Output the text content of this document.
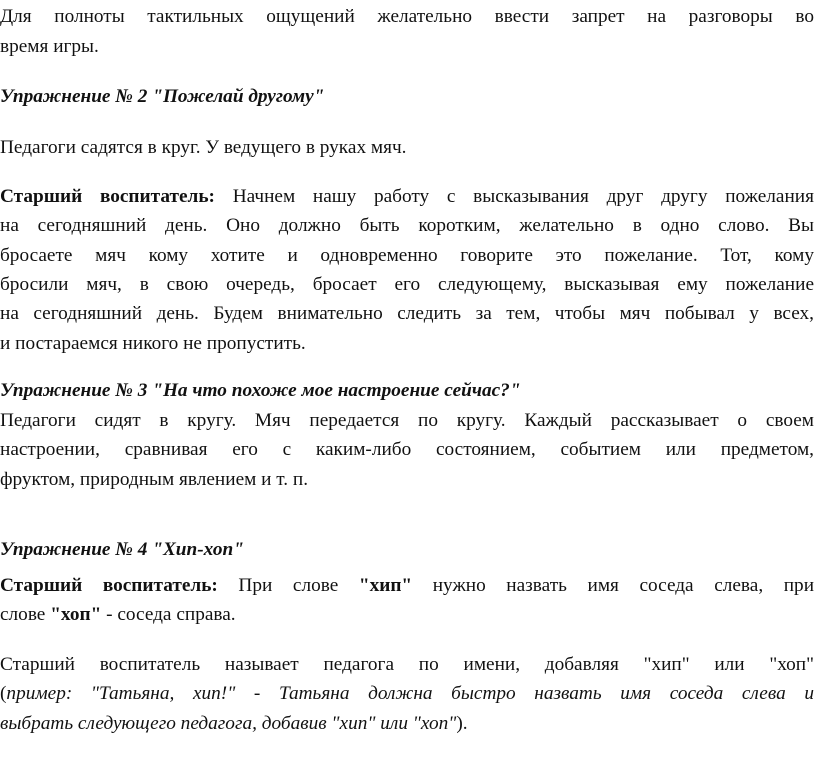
Для полноты тактильных ощущений желательно ввести запрет на разговоры во
время игры.
Упражнение № 2 "Пожелай другому"
Педагоги садятся в круг. У ведущего в руках мяч.
Старший воспитатель: Начнем нашу работу с высказывания друг другу пожелания
на сегодняшний день. Оно должно быть коротким, желательно в одно слово. Вы
бросаете мяч кому хотите и одновременно говорите это пожелание. Тот, кому
бросили мяч, в свою очередь, бросает его следующему, высказывая ему пожелание
на сегодняшний день. Будем внимательно следить за тем, чтобы мяч побывал у всех,
и постараемся никого не пропустить.
Упражнение № 3 "На что похоже мое настроение сейчас?"
Педагоги сидят в кругу. Мяч передается по кругу. Каждый рассказывает о своем
настроении, сравнивая его с каким-либо состоянием, событием или предметом,
фруктом, природным явлением и т. п.
Упражнение № 4 "Хип-хоп"
Старший воспитатель: При слове "хип" нужно назвать имя соседа слева, при
слове "хоп" - соседа справа.
Старший воспитатель называет педагога по имени, добавляя "хип" или "хоп"
(пример: "Татьяна, хип!" - Татьяна должна быстро назвать имя соседа слева и
выбрать следующего педагога, добавив "хип" или "хоп").
